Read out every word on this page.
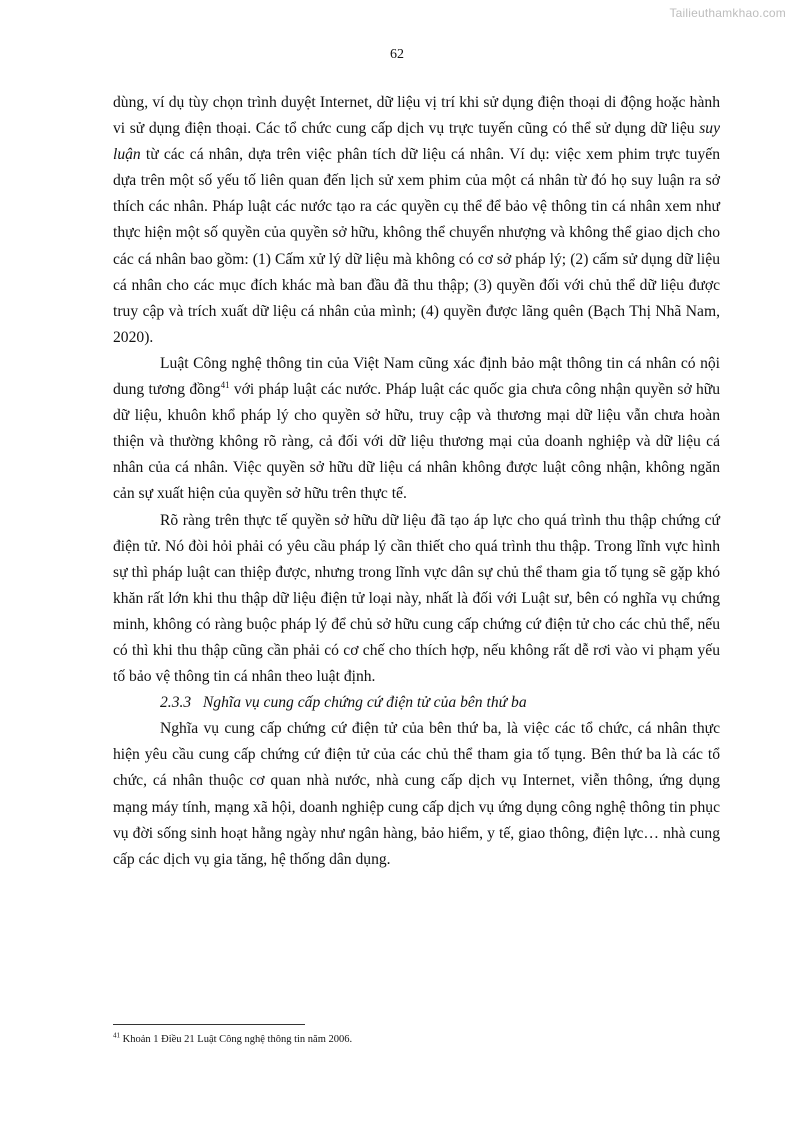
Tailieuthamkhao.com
62

dùng, ví dụ tùy chọn trình duyệt Internet, dữ liệu vị trí khi sử dụng điện thoại di động hoặc hành vi sử dụng điện thoại. Các tổ chức cung cấp dịch vụ trực tuyến cũng có thể sử dụng dữ liệu suy luận từ các cá nhân, dựa trên việc phân tích dữ liệu cá nhân. Ví dụ: việc xem phim trực tuyến dựa trên một số yếu tố liên quan đến lịch sử xem phim của một cá nhân từ đó họ suy luận ra sở thích các nhân. Pháp luật các nước tạo ra các quyền cụ thể để bảo vệ thông tin cá nhân xem như thực hiện một số quyền của quyền sở hữu, không thể chuyển nhượng và không thể giao dịch cho các cá nhân bao gồm: (1) Cấm xử lý dữ liệu mà không có cơ sở pháp lý; (2) cấm sử dụng dữ liệu cá nhân cho các mục đích khác mà ban đầu đã thu thập; (3) quyền đối với chủ thể dữ liệu được truy cập và trích xuất dữ liệu cá nhân của mình; (4) quyền được lãng quên (Bạch Thị Nhã Nam, 2020).

Luật Công nghệ thông tin của Việt Nam cũng xác định bảo mật thông tin cá nhân có nội dung tương đồng$^{41}$ với pháp luật các nước. Pháp luật các quốc gia chưa công nhận quyền sở hữu dữ liệu, khuôn khổ pháp lý cho quyền sở hữu, truy cập và thương mại dữ liệu vẫn chưa hoàn thiện và thường không rõ ràng, cả đối với dữ liệu thương mại của doanh nghiệp và dữ liệu cá nhân của cá nhân. Việc quyền sở hữu dữ liệu cá nhân không được luật công nhận, không ngăn cản sự xuất hiện của quyền sở hữu trên thực tế.

Rõ ràng trên thực tế quyền sở hữu dữ liệu đã tạo áp lực cho quá trình thu thập chứng cứ điện tử. Nó đòi hỏi phải có yêu cầu pháp lý cần thiết cho quá trình thu thập. Trong lĩnh vực hình sự thì pháp luật can thiệp được, nhưng trong lĩnh vực dân sự chủ thể tham gia tố tụng sẽ gặp khó khăn rất lớn khi thu thập dữ liệu điện tử loại này, nhất là đối với Luật sư, bên có nghĩa vụ chứng minh, không có ràng buộc pháp lý để chủ sở hữu cung cấp chứng cứ điện tử cho các chủ thể, nếu có thì khi thu thập cũng cần phải có cơ chế cho thích hợp, nếu không rất dễ rơi vào vi phạm yếu tố bảo vệ thông tin cá nhân theo luật định.

2.3.3   Nghĩa vụ cung cấp chứng cứ điện tử của bên thứ ba

Nghĩa vụ cung cấp chứng cứ điện tử của bên thứ ba, là việc các tổ chức, cá nhân thực hiện yêu cầu cung cấp chứng cứ điện tử của các chủ thể tham gia tố tụng. Bên thứ ba là các tổ chức, cá nhân thuộc cơ quan nhà nước, nhà cung cấp dịch vụ Internet, viễn thông, ứng dụng mạng máy tính, mạng xã hội, doanh nghiệp cung cấp dịch vụ ứng dụng công nghệ thông tin phục vụ đời sống sinh hoạt hằng ngày như ngân hàng, bảo hiểm, y tế, giao thông, điện lực… nhà cung cấp các dịch vụ gia tăng, hệ thống dân dụng.

$^{41}$ Khoản 1 Điều 21 Luật Công nghệ thông tin năm 2006.
